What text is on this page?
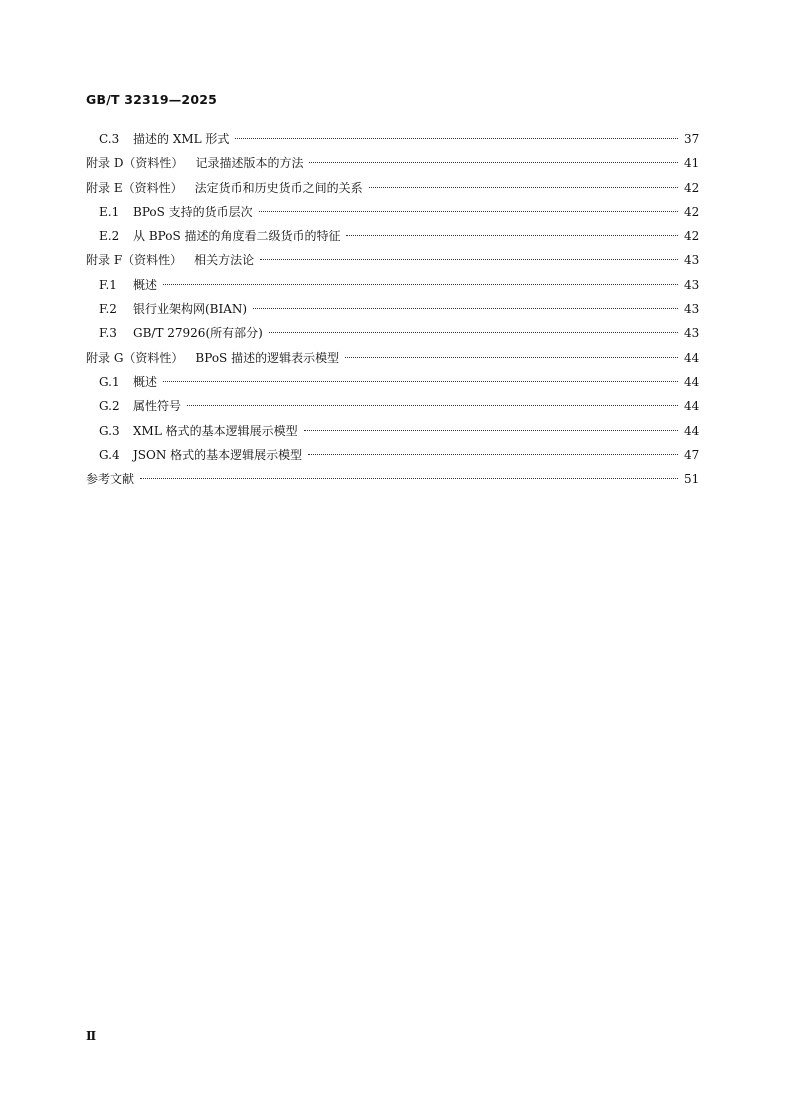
GB/T 32319—2025
C.3 描述的 XML 形式	37
附录 D（资料性） 记录描述版本的方法	41
附录 E（资料性） 法定货币和历史货币之间的关系	42
E.1 BPoS 支持的货币层次	42
E.2 从 BPoS 描述的角度看二级货币的特征	42
附录 F（资料性） 相关方法论	43
F.1 概述	43
F.2 银行业架构网(BIAN)	43
F.3 GB/T 27926(所有部分)	43
附录 G（资料性） BPoS 描述的逻辑表示模型	44
G.1 概述	44
G.2 属性符号	44
G.3 XML 格式的基本逻辑展示模型	44
G.4 JSON 格式的基本逻辑展示模型	47
参考文献	51
Ⅱ
